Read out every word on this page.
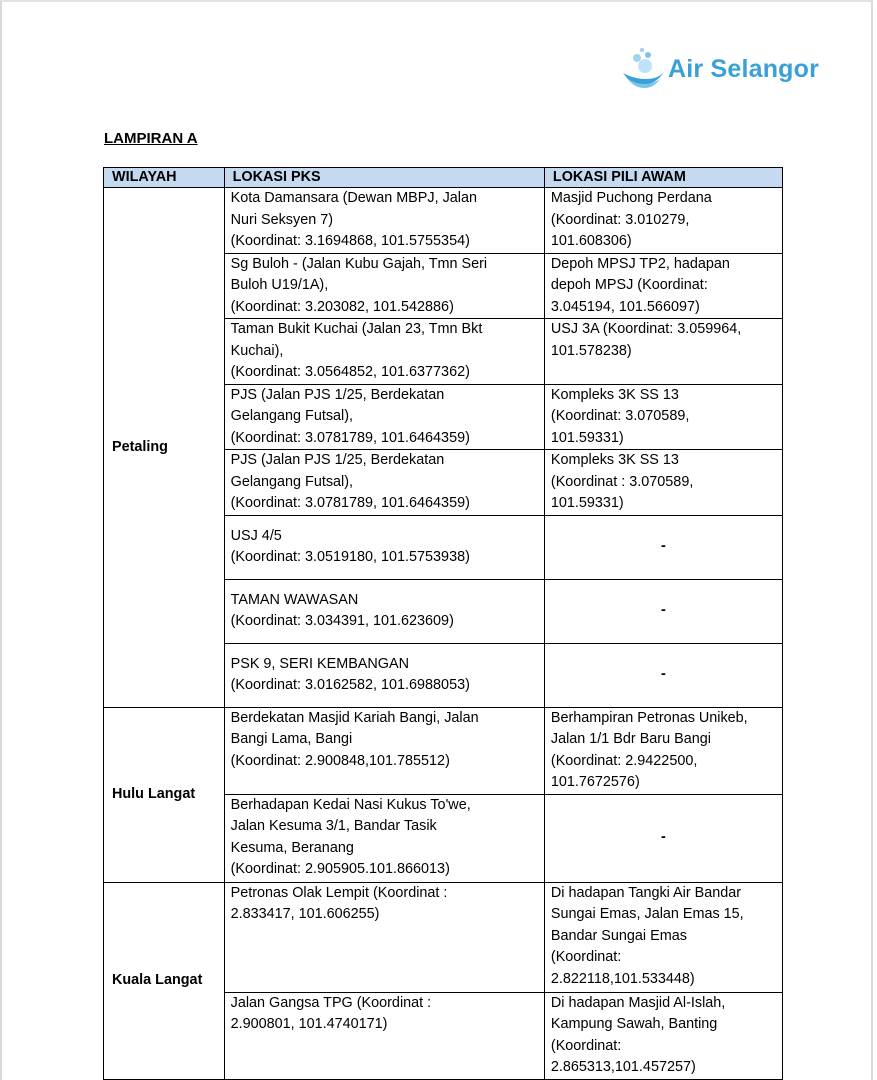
Air Selangor
LAMPIRAN A
WILAYAH	LOKASI PKS	LOKASI PILI AWAM
Petaling	Kota Damansara (Dewan MBPJ, Jalan
Nuri Seksyen 7)
(Koordinat: 3.1694868, 101.5755354)	Masjid Puchong Perdana
(Koordinat: 3.010279,
101.608306)

	Sg Buloh - (Jalan Kubu Gajah, Tmn Seri
Buloh U19/1A),
(Koordinat: 3.203082, 101.542886)	Depoh MPSJ TP2, hadapan
depoh MPSJ (Koordinat:
3.045194, 101.566097)

	Taman Bukit Kuchai (Jalan 23, Tmn Bkt
Kuchai),
(Koordinat: 3.0564852, 101.6377362)	USJ 3A (Koordinat: 3.059964,
101.578238)

	PJS (Jalan PJS 1/25, Berdekatan
Gelangang Futsal),
(Koordinat: 3.0781789, 101.6464359)	Kompleks 3K SS 13
(Koordinat: 3.070589,
101.59331)

	PJS (Jalan PJS 1/25, Berdekatan
Gelangang Futsal),
(Koordinat: 3.0781789, 101.6464359)	Kompleks 3K SS 13
(Koordinat : 3.070589,
101.59331)

	USJ 4/5
(Koordinat: 3.0519180, 101.5753938)	-

	TAMAN WAWASAN
(Koordinat: 3.034391, 101.623609)	-

	PSK 9, SERI KEMBANGAN
(Koordinat: 3.0162582, 101.6988053)	-

Hulu Langat	Berdekatan Masjid Kariah Bangi, Jalan
Bangi Lama, Bangi
(Koordinat: 2.900848,101.785512)	Berhampiran Petronas Unikeb,
Jalan 1/1 Bdr Baru Bangi
(Koordinat: 2.9422500,
101.7672576)

	Berhadapan Kedai Nasi Kukus To'we,
Jalan Kesuma 3/1, Bandar Tasik
Kesuma, Beranang
(Koordinat: 2.905905.101.866013)	-

Kuala Langat	Petronas Olak Lempit (Koordinat :
2.833417, 101.606255)	Di hadapan Tangki Air Bandar
Sungai Emas, Jalan Emas 15,
Bandar Sungai Emas
(Koordinat:
2.822118,101.533448)

	Jalan Gangsa TPG (Koordinat :
2.900801, 101.4740171)	Di hadapan Masjid Al-Islah,
Kampung Sawah, Banting
(Koordinat:
2.865313,101.457257)
